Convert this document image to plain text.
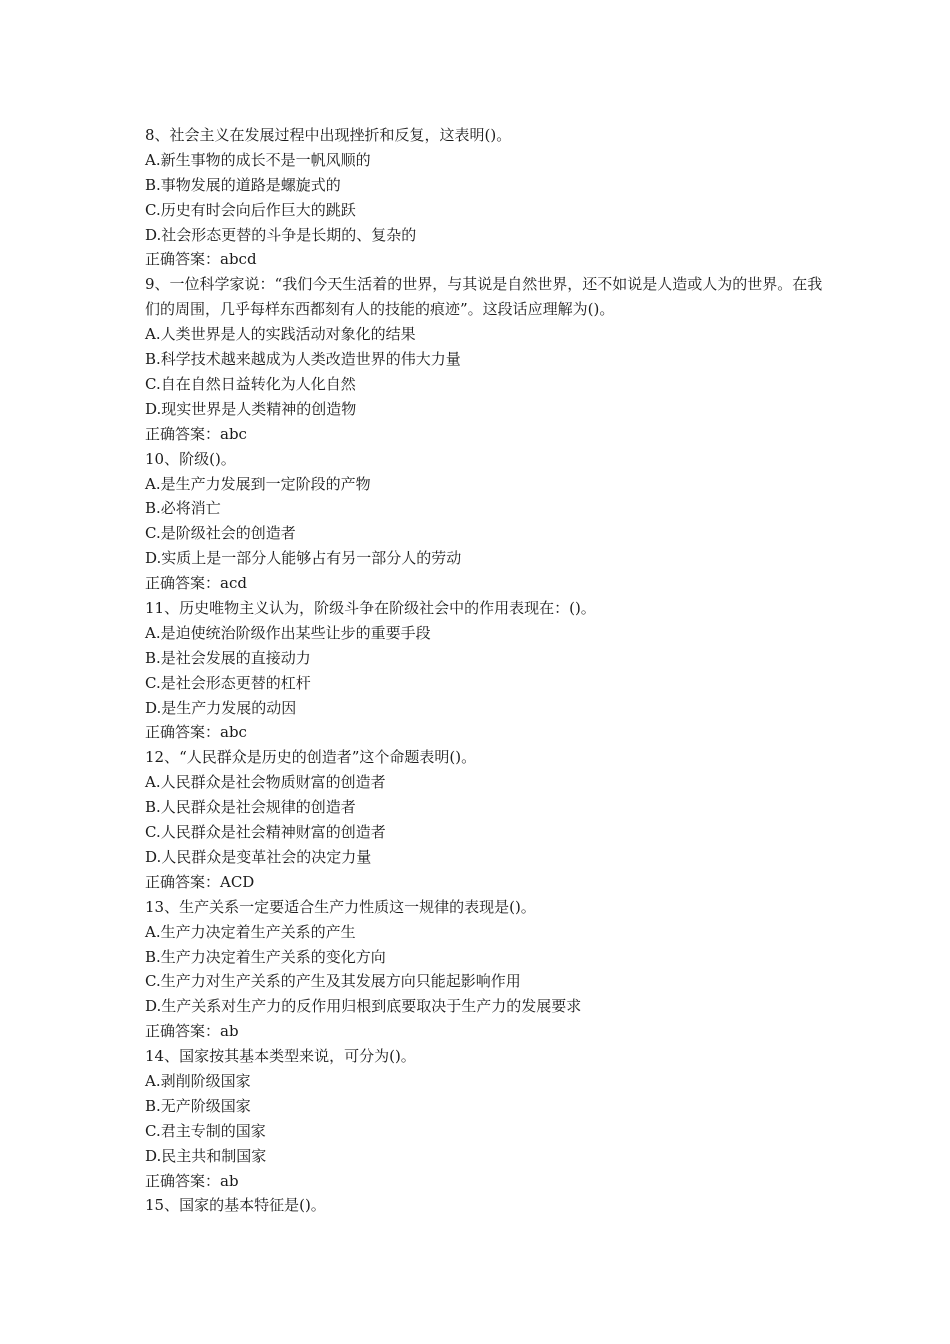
8、社会主义在发展过程中出现挫折和反复，这表明()。
A.新生事物的成长不是一帆风顺的
B.事物发展的道路是螺旋式的
C.历史有时会向后作巨大的跳跃
D.社会形态更替的斗争是长期的、复杂的
正确答案：abcd
9、一位科学家说：“我们今天生活着的世界，与其说是自然世界，还不如说是人造或人为的世界。在我们的周围，几乎每样东西都刻有人的技能的痕迹”。这段话应理解为()。
A.人类世界是人的实践活动对象化的结果
B.科学技术越来越成为人类改造世界的伟大力量
C.自在自然日益转化为人化自然
D.现实世界是人类精神的创造物
正确答案：abc
10、阶级()。
A.是生产力发展到一定阶段的产物
B.必将消亡
C.是阶级社会的创造者
D.实质上是一部分人能够占有另一部分人的劳动
正确答案：acd
11、历史唯物主义认为，阶级斗争在阶级社会中的作用表现在：()。
A.是迫使统治阶级作出某些让步的重要手段
B.是社会发展的直接动力
C.是社会形态更替的杠杆
D.是生产力发展的动因
正确答案：abc
12、“人民群众是历史的创造者”这个命题表明()。
A.人民群众是社会物质财富的创造者
B.人民群众是社会规律的创造者
C.人民群众是社会精神财富的创造者
D.人民群众是变革社会的决定力量
正确答案：ACD
13、生产关系一定要适合生产力性质这一规律的表现是()。
A.生产力决定着生产关系的产生
B.生产力决定着生产关系的变化方向
C.生产力对生产关系的产生及其发展方向只能起影响作用
D.生产关系对生产力的反作用归根到底要取决于生产力的发展要求
正确答案：ab
14、国家按其基本类型来说，可分为()。
A.剥削阶级国家
B.无产阶级国家
C.君主专制的国家
D.民主共和制国家
正确答案：ab
15、国家的基本特征是()。
